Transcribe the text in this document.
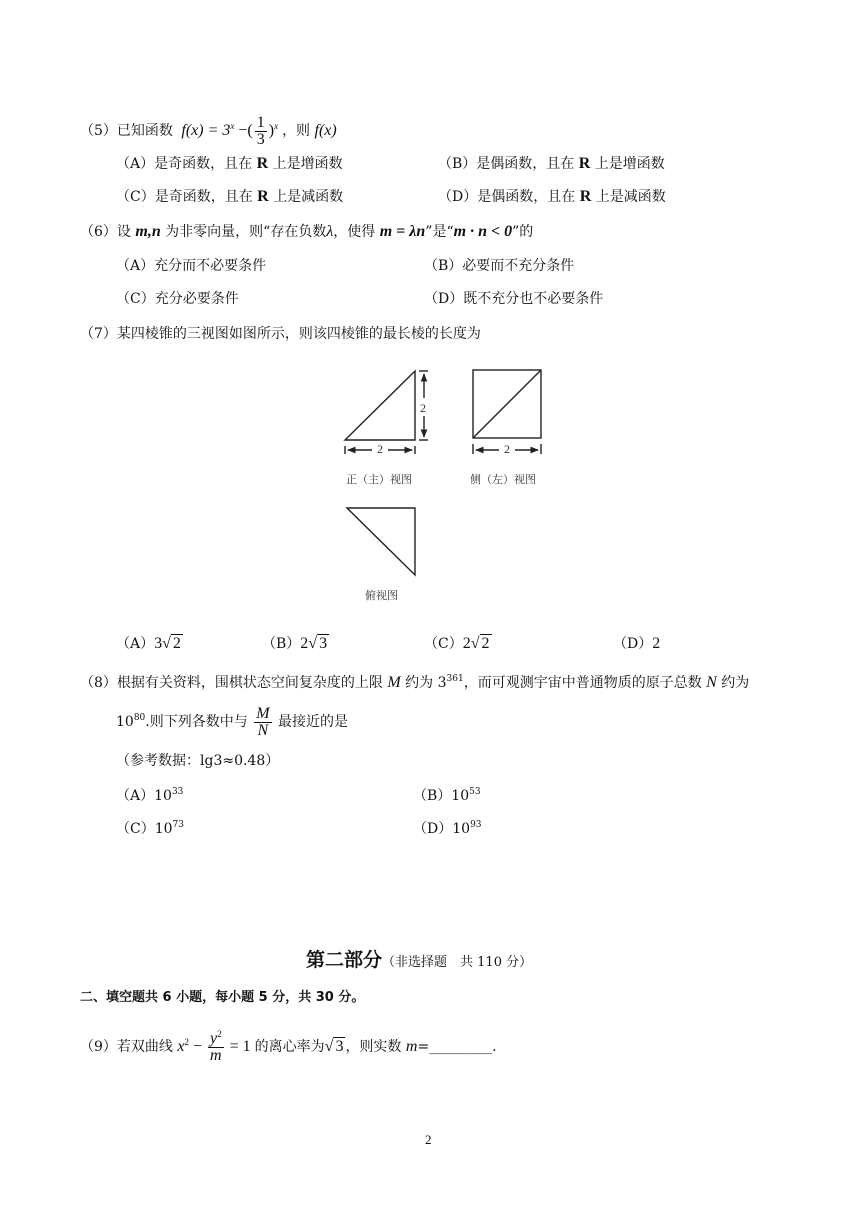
（5）已知函数 $f(x) = 3^x$ −( $\frac{1}{3} )^x$ ，则 f(x)
（A）是奇函数，且在 R 上是增函数	（B）是偶函数，且在 R 上是增函数
（C）是奇函数，且在 R 上是减函数	（D）是偶函数，且在 R 上是减函数
（6）设 m,n 为非零向量，则“存在负数λ，使得 m = λn”是“m · n < 0”的
（A）充分而不必要条件	（B）必要而不充分条件
（C）充分必要条件	（D）既不充分也不必要条件
（7）某四棱锥的三视图如图所示，则该四棱锥的最长棱的长度为
2
2
2
正（主）视图	侧（左）视图
俯视图
（A）3√ 2	（B）2√ 3	（C）2√ 2	（D）2
（8）根据有关资料，围棋状态空间复杂度的上限 M 约为 $3^{361}$，而可观测宇宙中普通物质的原子总数 N 约为
$10^{80}$.则下列各数中与 $\frac{M}{N}$ 最接近的是
（参考数据：lg3≈0.48）
$(A)10^{33}$	$(B)10^{53}$
$(C)10^{73}$	$(D)10^{93}$
第二部分（非选择题　共 110 分）
二、填空题共 6 小题，每小题 5 分，共 30 分。
（9）若双曲线 $x^2 - \frac{y^2}{m} = 1$ 的离心率为√ 3 ，则实数 m=_________.
2
